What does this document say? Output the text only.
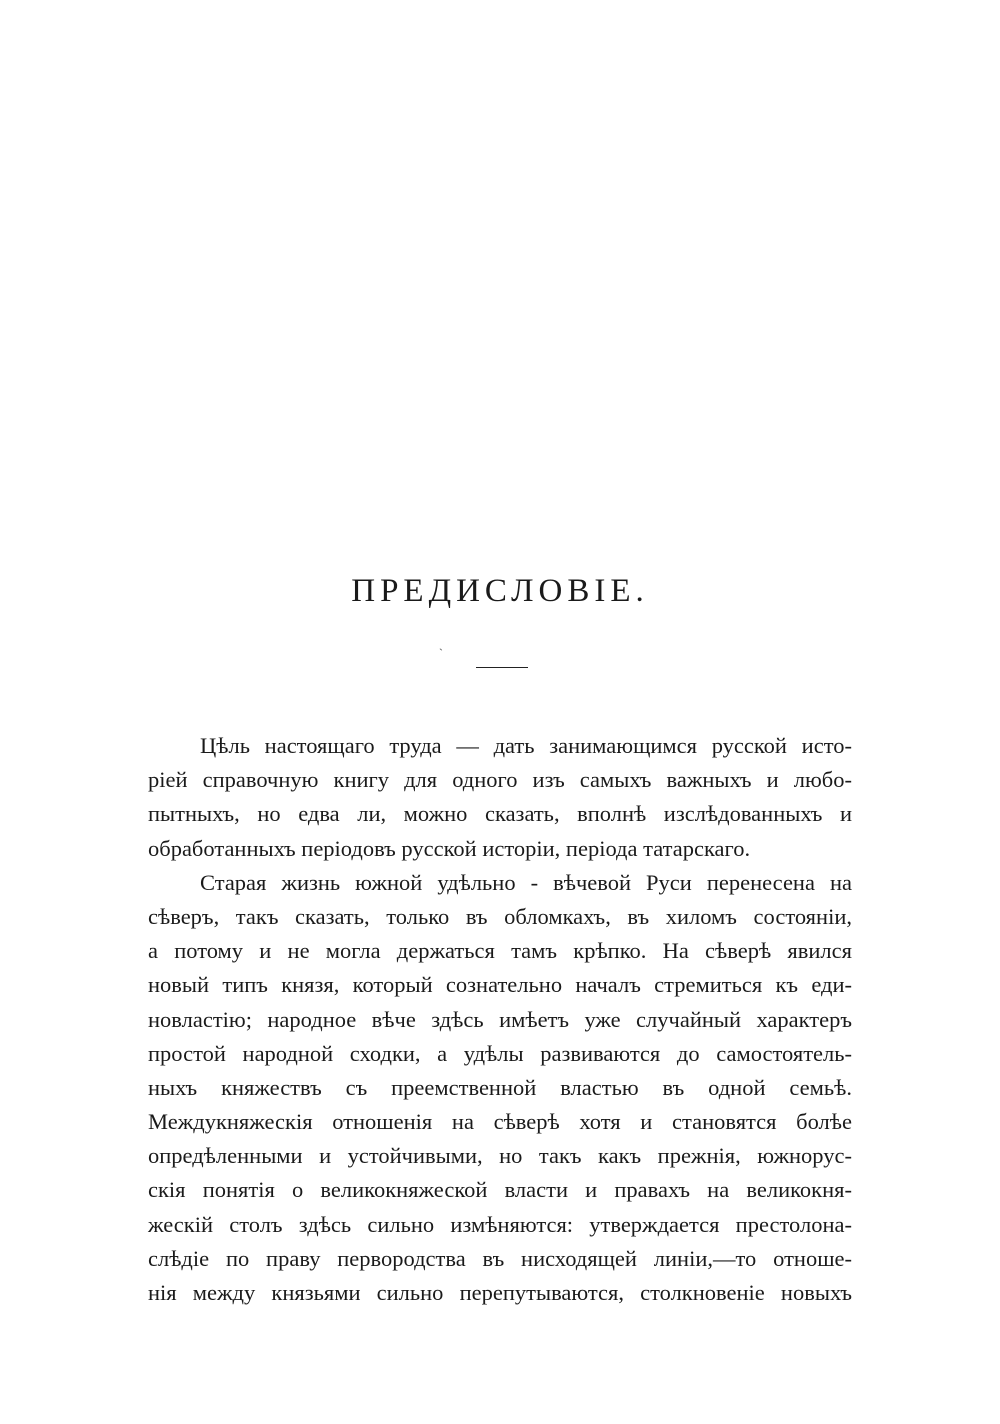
ПРЕДИСЛОВІЕ.
`
Цѣль настоящаго труда — дать занимающимся русской исто-
ріей справочную книгу для одного изъ самыхъ важныхъ и любо-
пытныхъ, но едва ли, можно сказать, вполнѣ изслѣдованныхъ и
обработанныхъ періодовъ русской исторіи, періода татарскаго.
Старая жизнь южной удѣльно - вѣчевой Руси перенесена на
сѣверъ, такъ сказать, только въ обломкахъ, въ хиломъ состояніи,
а потому и не могла держаться тамъ крѣпко. На сѣверѣ явился
новый типъ князя, который сознательно началъ стремиться къ еди-
новластію; народное вѣче здѣсь имѣетъ уже случайный характеръ
простой народной сходки, а удѣлы развиваются до самостоятель-
ныхъ княжествъ съ преемственной властью въ одной семьѣ.
Междукняжескія отношенія на сѣверѣ хотя и становятся болѣе
опредѣленными и устойчивыми, но такъ какъ прежнія, южнорус-
скія понятія о великокняжеской власти и правахъ на великокня-
жескій столъ здѣсь сильно измѣняются: утверждается престолона-
слѣдіе по праву первородства въ нисходящей линіи,—то отноше-
нія между князьями сильно перепутываются, столкновеніе новыхъ
